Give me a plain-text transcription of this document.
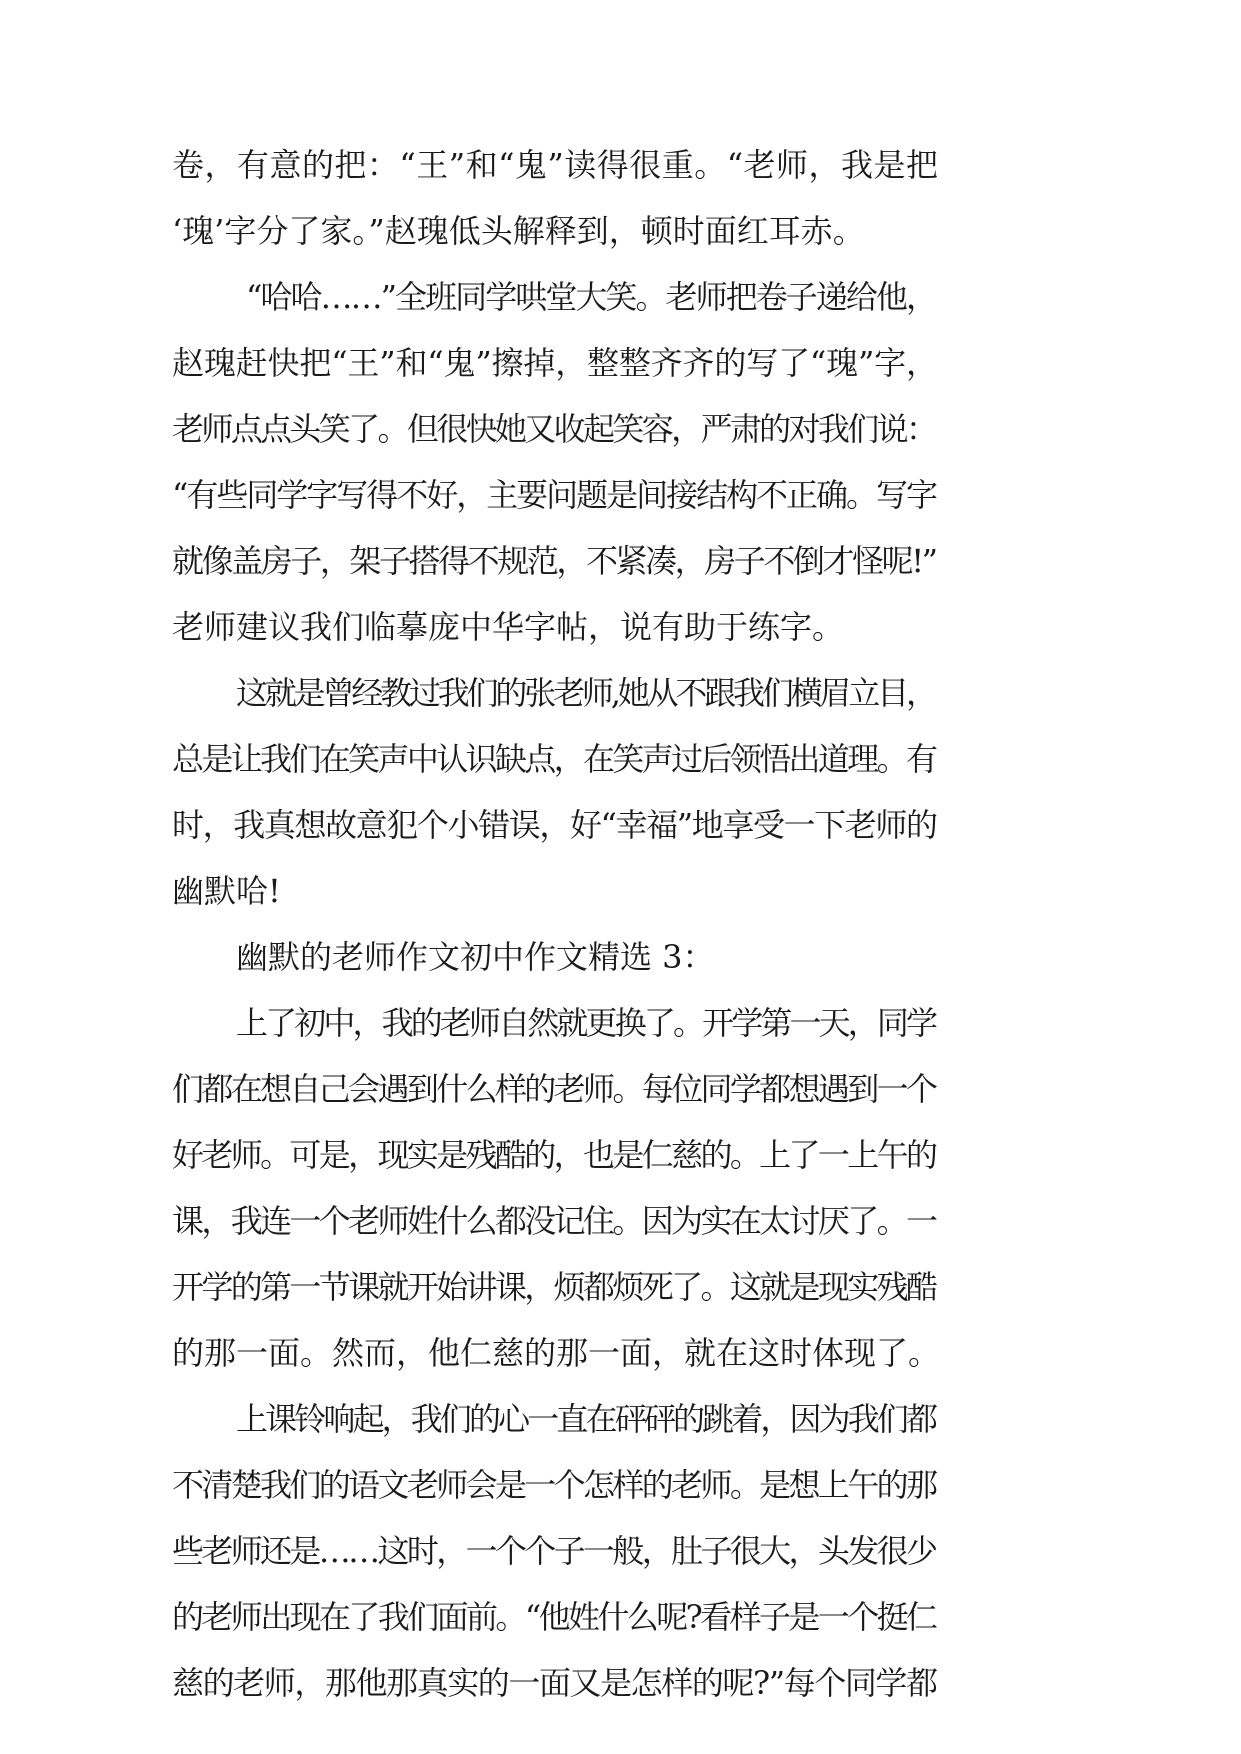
卷，有意的把：“王”和“鬼”读得很重。“老师，我是把
‘瑰’字分了家。”赵瑰低头解释到，顿时面红耳赤。
“哈哈……”全班同学哄堂大笑。老师把卷子递给他，
赵瑰赶快把“王”和“鬼”擦掉，整整齐齐的写了“瑰”字，
老师点点头笑了。但很快她又收起笑容，严肃的对我们说：
“有些同学字写得不好，主要问题是间接结构不正确。写字
就像盖房子，架子搭得不规范，不紧凑，房子不倒才怪呢!”
老师建议我们临摹庞中华字帖，说有助于练字。
这就是曾经教过我们的张老师,她从不跟我们横眉立目，
总是让我们在笑声中认识缺点，在笑声过后领悟出道理。有
时，我真想故意犯个小错误，好“幸福”地享受一下老师的
幽默哈!
幽默的老师作文初中作文精选 3：
上了初中，我的老师自然就更换了。开学第一天，同学
们都在想自己会遇到什么样的老师。每位同学都想遇到一个
好老师。可是，现实是残酷的，也是仁慈的。上了一上午的
课，我连一个老师姓什么都没记住。因为实在太讨厌了。一
开学的第一节课就开始讲课，烦都烦死了。这就是现实残酷
的那一面。然而，他仁慈的那一面，就在这时体现了。
上课铃响起，我们的心一直在砰砰的跳着，因为我们都
不清楚我们的语文老师会是一个怎样的老师。是想上午的那
些老师还是……这时，一个个子一般，肚子很大，头发很少
的老师出现在了我们面前。“他姓什么呢?看样子是一个挺仁
慈的老师，那他那真实的一面又是怎样的呢?”每个同学都
